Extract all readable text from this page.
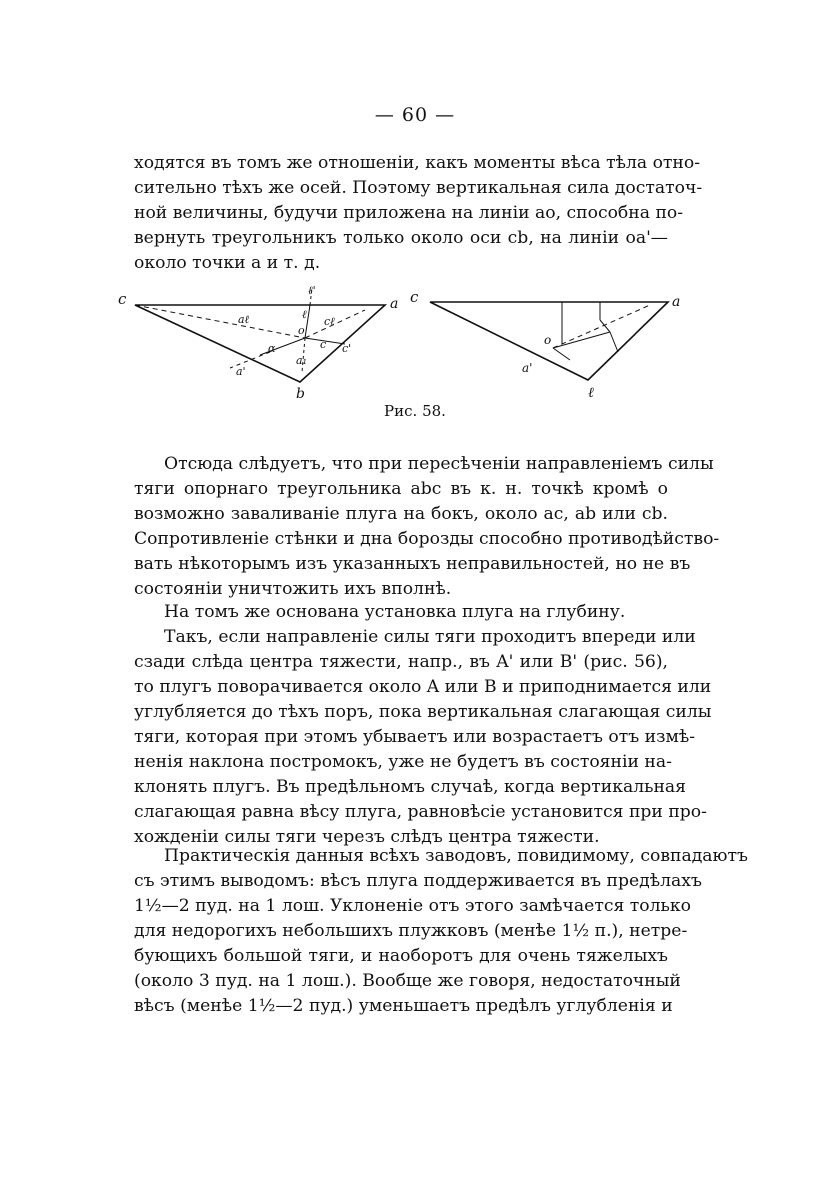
— 60 —
ходятся въ томъ же отношенiи, какъ моменты вѣса тѣла отно-
сительно тѣхъ же осей. Поэтому вертикальная сила достаточ-
ной величины, будучи приложена на линiи ao, способна по-
вернуть треугольникъ только около оси cb, на линiи oa'—
около точки a и т. д.
c	a
b
ℓ'
ℓ
o
aℓ	cℓ
a'
c'
a₁
c
α
c	a
ℓ
o
a'
Рис. 58.
Отсюда слѣдуетъ, что при пересѣченiи направленiемъ силы
тяги опорнаго треугольника abc въ к. н. точкѣ кромѣ o
возможно заваливанiе плуга на бокъ, около ac, ab или cb.
Сопротивленiе стѣнки и дна борозды способно противодѣйство-
вать нѣкоторымъ изъ указанныхъ неправильностей, но не въ
состоянiи уничтожить ихъ вполнѣ.
На томъ же основана установка плуга на глубину.
Такъ, если направленiе силы тяги проходитъ впереди или
сзади слѣда центра тяжести, напр., въ A' или B' (рис. 56),
то плугъ поворачивается около A или B и приподнимается или
углубляется до тѣхъ поръ, пока вертикальная слагающая силы
тяги, которая при этомъ убываетъ или возрастаетъ отъ измѣ-
ненiя наклона постромокъ, уже не будетъ въ состоянiи на-
клонять плугъ. Въ предѣльномъ случаѣ, когда вертикальная
слагающая равна вѣсу плуга, равновѣсiе установится при про-
хожденiи силы тяги черезъ слѣдъ центра тяжести.
Практическiя данныя всѣхъ заводовъ, повидимому, совпадаютъ
съ этимъ выводомъ: вѣсъ плуга поддерживается въ предѣлахъ
1½—2 пуд. на 1 лош. Уклоненiе отъ этого замѣчается только
для недорогихъ небольшихъ плужковъ (менѣе 1½ п.), нетре-
бующихъ большой тяги, и наоборотъ для очень тяжелыхъ
(около 3 пуд. на 1 лош.). Вообще же говоря, недостаточный
вѣсъ (менѣе 1½—2 пуд.) уменьшаетъ предѣлъ углубленiя и
